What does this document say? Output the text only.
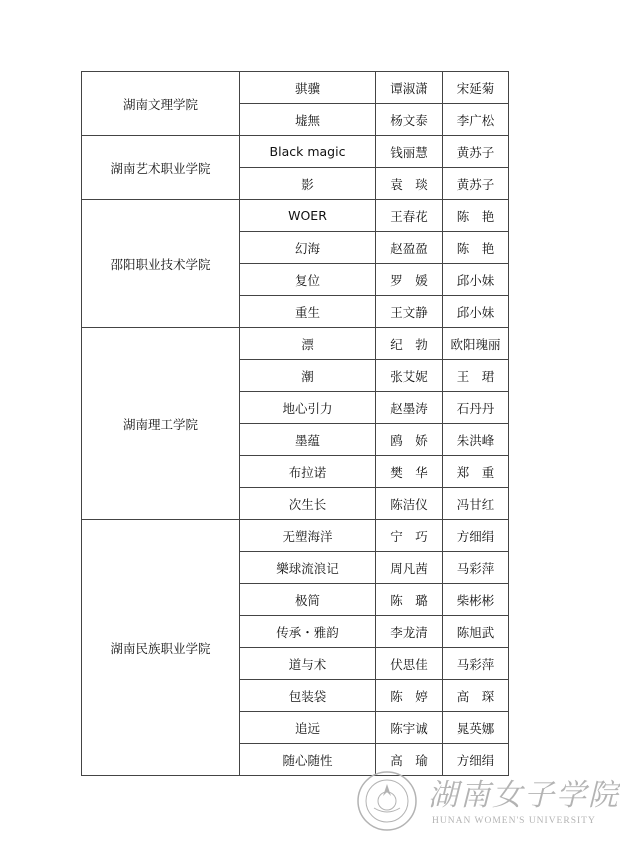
湖南文理学院	骐骥	谭淑潇	宋延菊
	墟無	杨文泰	李广松
湖南艺术职业学院	Black magic	钱丽慧	黄苏子
	影	袁　琰	黄苏子
邵阳职业技术学院	WOER	王春花	陈　艳
	幻海	赵盈盈	陈　艳
	复位	罗　媛	邱小妹
	重生	王文静	邱小妹
湖南理工学院	漂	纪　勃	欧阳瑰丽
	潮	张艾妮	王　珺
	地心引力	赵墨涛	石丹丹
	墨蕴	鸥　娇	朱洪峰
	布拉诺	樊　华	郑　重
	次生长	陈洁仪	冯甘红
湖南民族职业学院	无塑海洋	宁　巧	方细绢
	樂球流浪记	周凡茜	马彩萍
	极简	陈　璐	柴彬彬
	传承・雅韵	李龙清	陈旭武
	道与术	伏思佳	马彩萍
	包装袋	陈　婷	高　琛
	追远	陈宇诚	晁英娜
	随心随性	高　瑜	方细绢
湖南女子学院
HUNAN WOMEN'S UNIVERSITY
